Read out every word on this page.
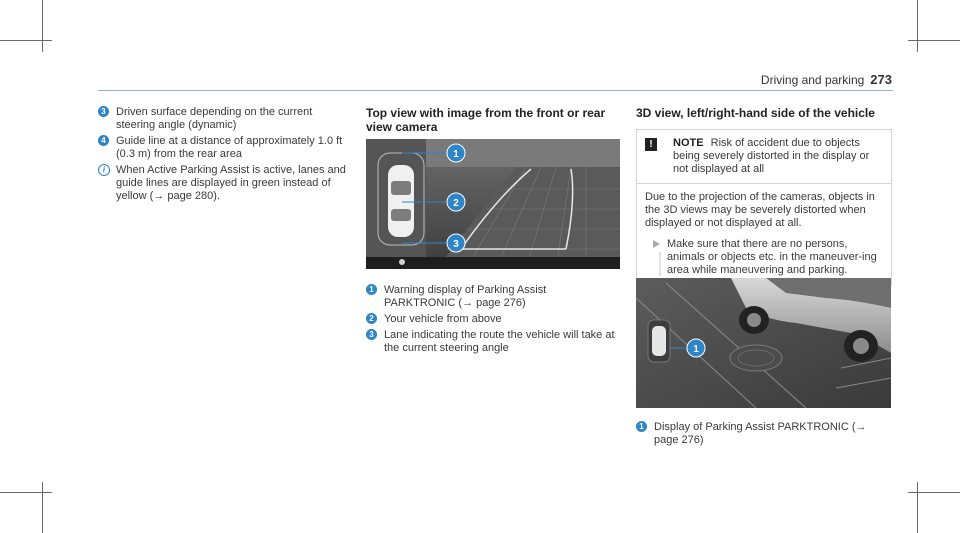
Driving and parking 273
3 Driven surface depending on the current steering angle (dynamic)
4 Guide line at a distance of approximately 1.0 ft (0.3 m) from the rear area
i When Active Parking Assist is active, lanes and guide lines are displayed in green instead of yellow (→ page 280).
Top view with image from the front or rear view camera
1
2
3
1 Warning display of Parking Assist PARKTRONIC (→ page 276)
2 Your vehicle from above
3 Lane indicating the route the vehicle will take at the current steering angle
3D view, left/right-hand side of the vehicle
!	NOTE Risk of accident due to objects being severely distorted in the display or not displayed at all
Due to the projection of the cameras, objects in the 3D views may be severely distorted when displayed or not displayed at all.
Make sure that there are no persons, animals or objects etc. in the maneuver-ing area while maneuvering and parking.
1
1 Display of Parking Assist PARKTRONIC (→ page 276)
